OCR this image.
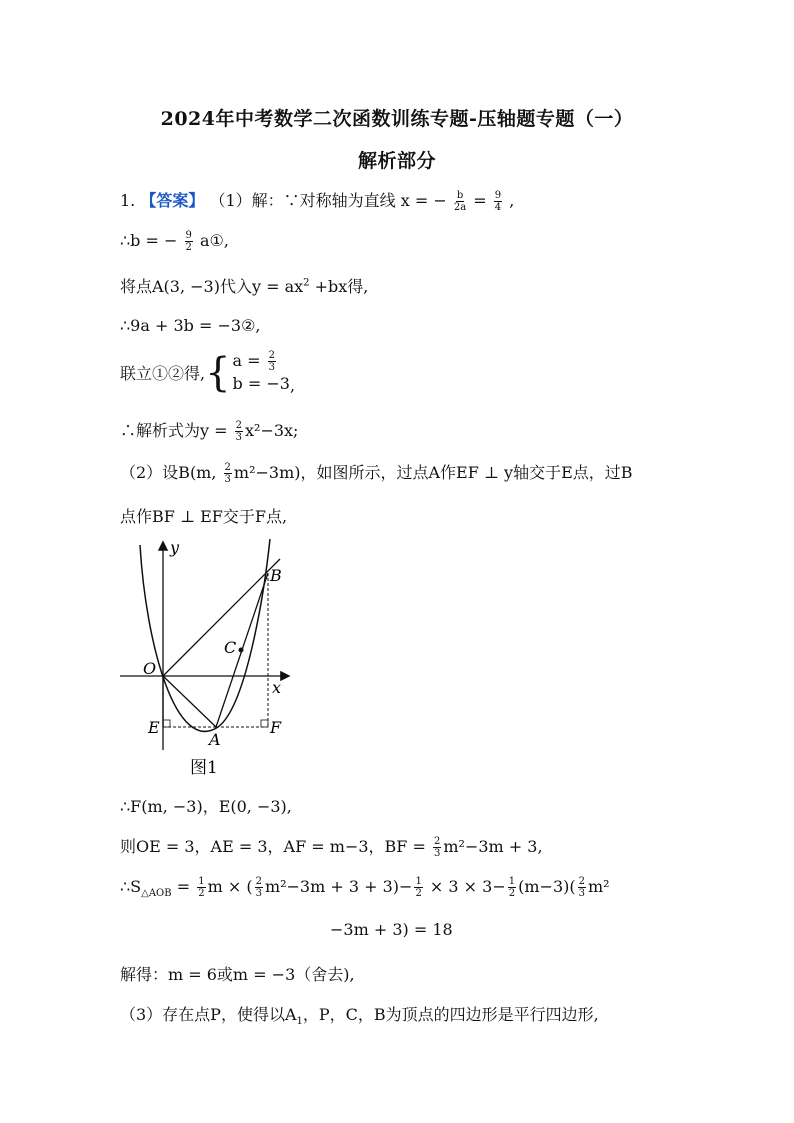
2024年中考数学二次函数训练专题-压轴题专题（一）
解析部分
1. 【答案】 （1）解：∵对称轴为直线 x = − $\frac{b}{2a} = \frac{9}{4}$ ,
∴b = − $\frac{9}{2}$ a①,
将点A(3, −3)代入$y = ax^2 +bx$得,
∴9a + 3b = −3②,
联立①②得,{ $a = \frac{2}{3}$
b = −3 ,
∴解析式为$y = \frac{2}{3} x^2-3x$;
（2）设B(m, $\frac{2}{3} m^2-3m$)，如图所示，过点A作EF ⊥ y轴交于E点，过B
点作BF ⊥ EF交于F点,
y
x
O
B
C
E
A
F
图1
∴F(m, −3)，E(0, −3),
则OE = 3，AE = 3，AF = m−3，BF = $\frac{2}{3} m^2-3m + 3$,
$\therefore S_{\triangle AOB} = \frac{1}{2}$ m × ( $\frac{2}{3} m^2-3m + 3 + 3)- \frac{1}{2} \times 3 \times 3- \frac{1}{2} (m-3)( \frac{2}{3} m^2$
−3m + 3) = 18
解得：m = 6或m = −3（舍去),
（3）存在点P，使得以$A_1$，P，C，B为顶点的四边形是平行四边形,
